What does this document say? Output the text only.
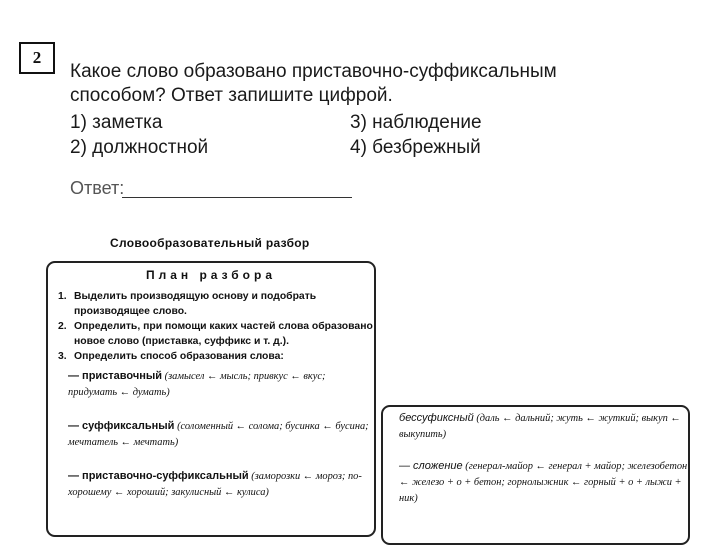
2
Какое слово образовано приставочно-суффиксальным способом? Ответ запишите цифрой.
1) заметка
2) должностной
3) наблюдение
4) безбрежный
Ответ:
Словообразовательный разбор
План разбора
1. Выделить производящую основу и подобрать производящее слово.
2. Определить, при помощи каких частей слова образовано новое слово (приставка, суффикс и т. д.).
3. Определить способ образования слова:
— приставочный (замысел ← мысль; привкус ← вкус; придумать ← думать)
— суффиксальный (соломенный ← солома; бусинка ← бусина; мечтатель ← мечтать)
— приставочно-суффиксальный (заморозки ← мороз; по-хорошему ← хороший; закулисный ← кулиса)
бессуфиксный (даль ← дальний; жуть ← жуткий; выкуп ← выкупить)
— сложение (генерал-майор ← генерал + майор; железобетон ← железо + о + бетон; горнолыжник ← горный + о + лыжи + ник)
